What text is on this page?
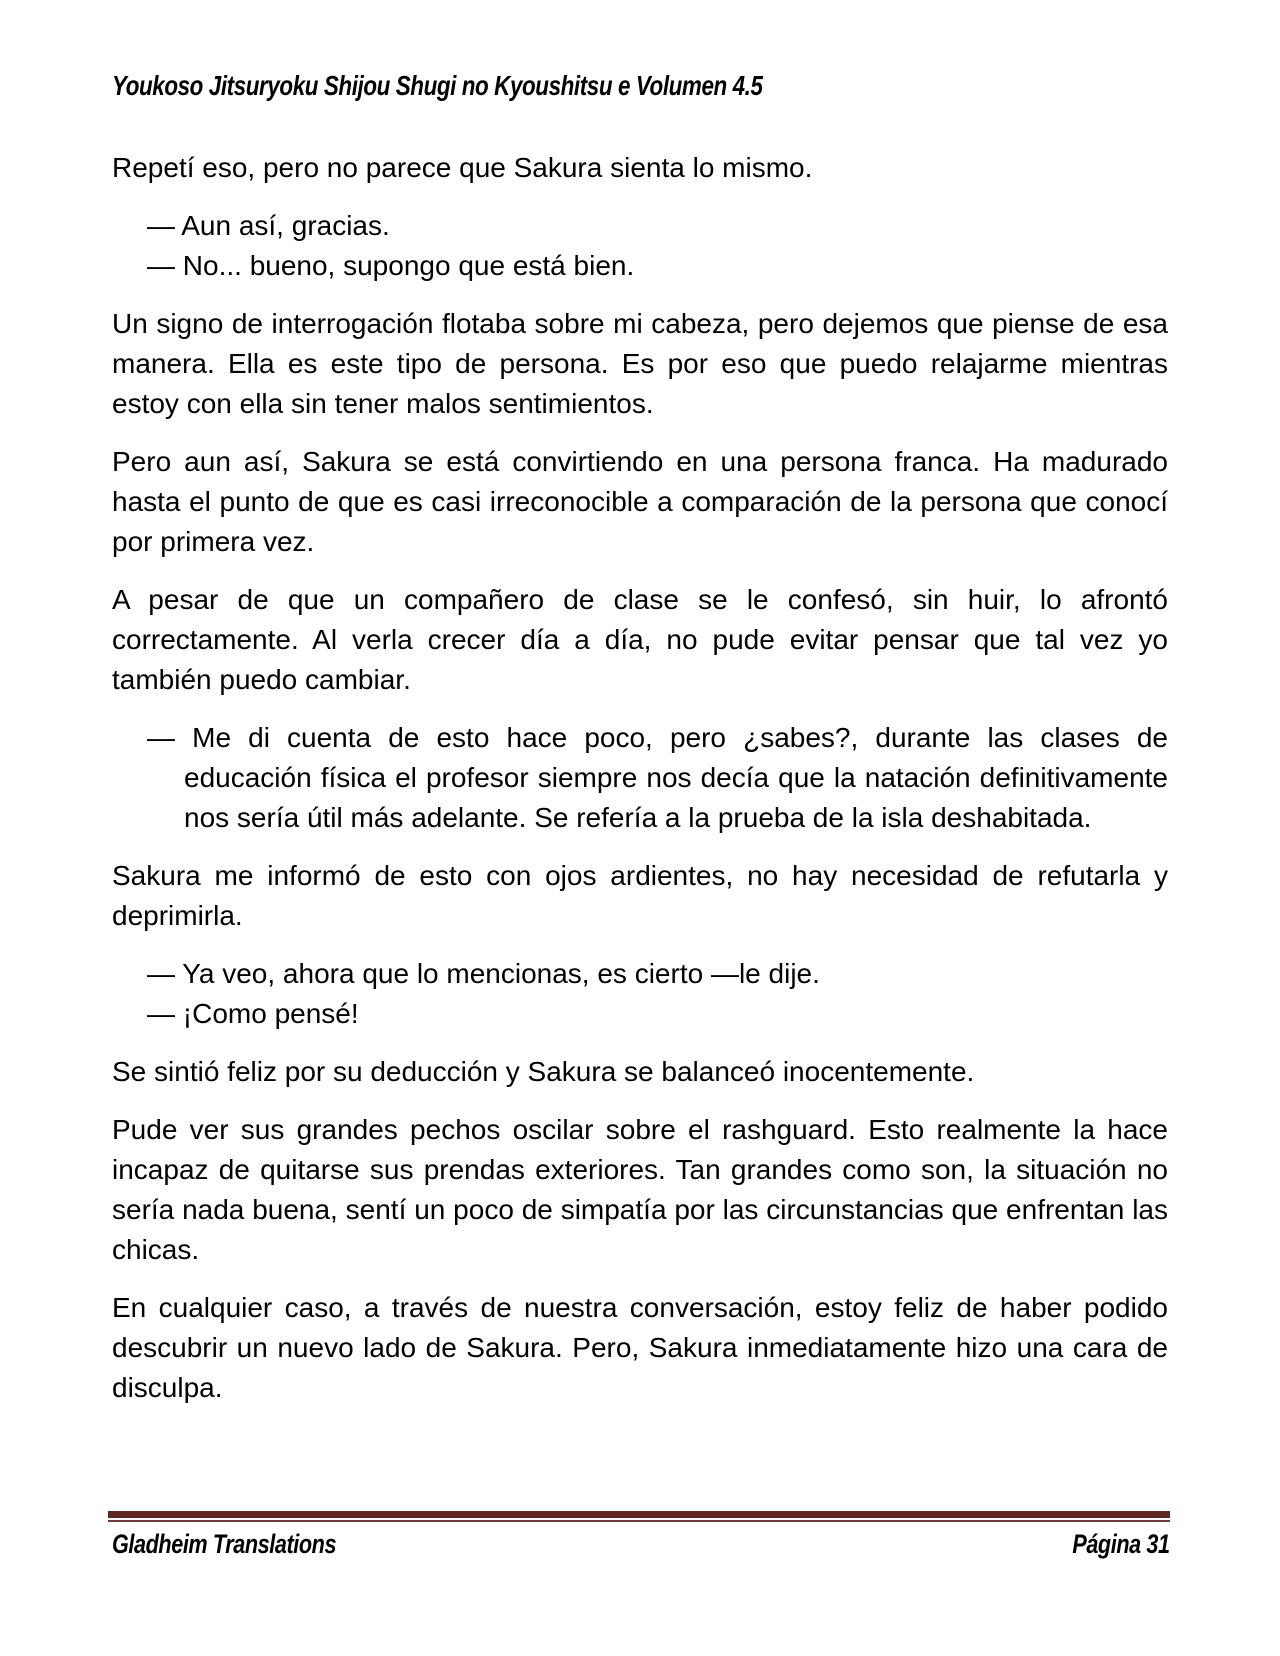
Youkoso Jitsuryoku Shijou Shugi no Kyoushitsu e Volumen 4.5

Repetí eso, pero no parece que Sakura sienta lo mismo.

— Aun así, gracias.

— No... bueno, supongo que está bien.

Un signo de interrogación flotaba sobre mi cabeza, pero dejemos que piense de esa manera. Ella es este tipo de persona. Es por eso que puedo relajarme mientras estoy con ella sin tener malos sentimientos.

Pero aun así, Sakura se está convirtiendo en una persona franca. Ha madurado hasta el punto de que es casi irreconocible a comparación de la persona que conocí por primera vez.

A pesar de que un compañero de clase se le confesó, sin huir, lo afrontó correctamente. Al verla crecer día a día, no pude evitar pensar que tal vez yo también puedo cambiar.

— Me di cuenta de esto hace poco, pero ¿sabes?, durante las clases de educación física el profesor siempre nos decía que la natación definitivamente nos sería útil más adelante. Se refería a la prueba de la isla deshabitada.

Sakura me informó de esto con ojos ardientes, no hay necesidad de refutarla y deprimirla.

— Ya veo, ahora que lo mencionas, es cierto —le dije.

— ¡Como pensé!

Se sintió feliz por su deducción y Sakura se balanceó inocentemente.

Pude ver sus grandes pechos oscilar sobre el rashguard. Esto realmente la hace incapaz de quitarse sus prendas exteriores. Tan grandes como son, la situación no sería nada buena, sentí un poco de simpatía por las circunstancias que enfrentan las chicas.

En cualquier caso, a través de nuestra conversación, estoy feliz de haber podido descubrir un nuevo lado de Sakura. Pero, Sakura inmediatamente hizo una cara de disculpa.

Gladheim Translations	Página 31
